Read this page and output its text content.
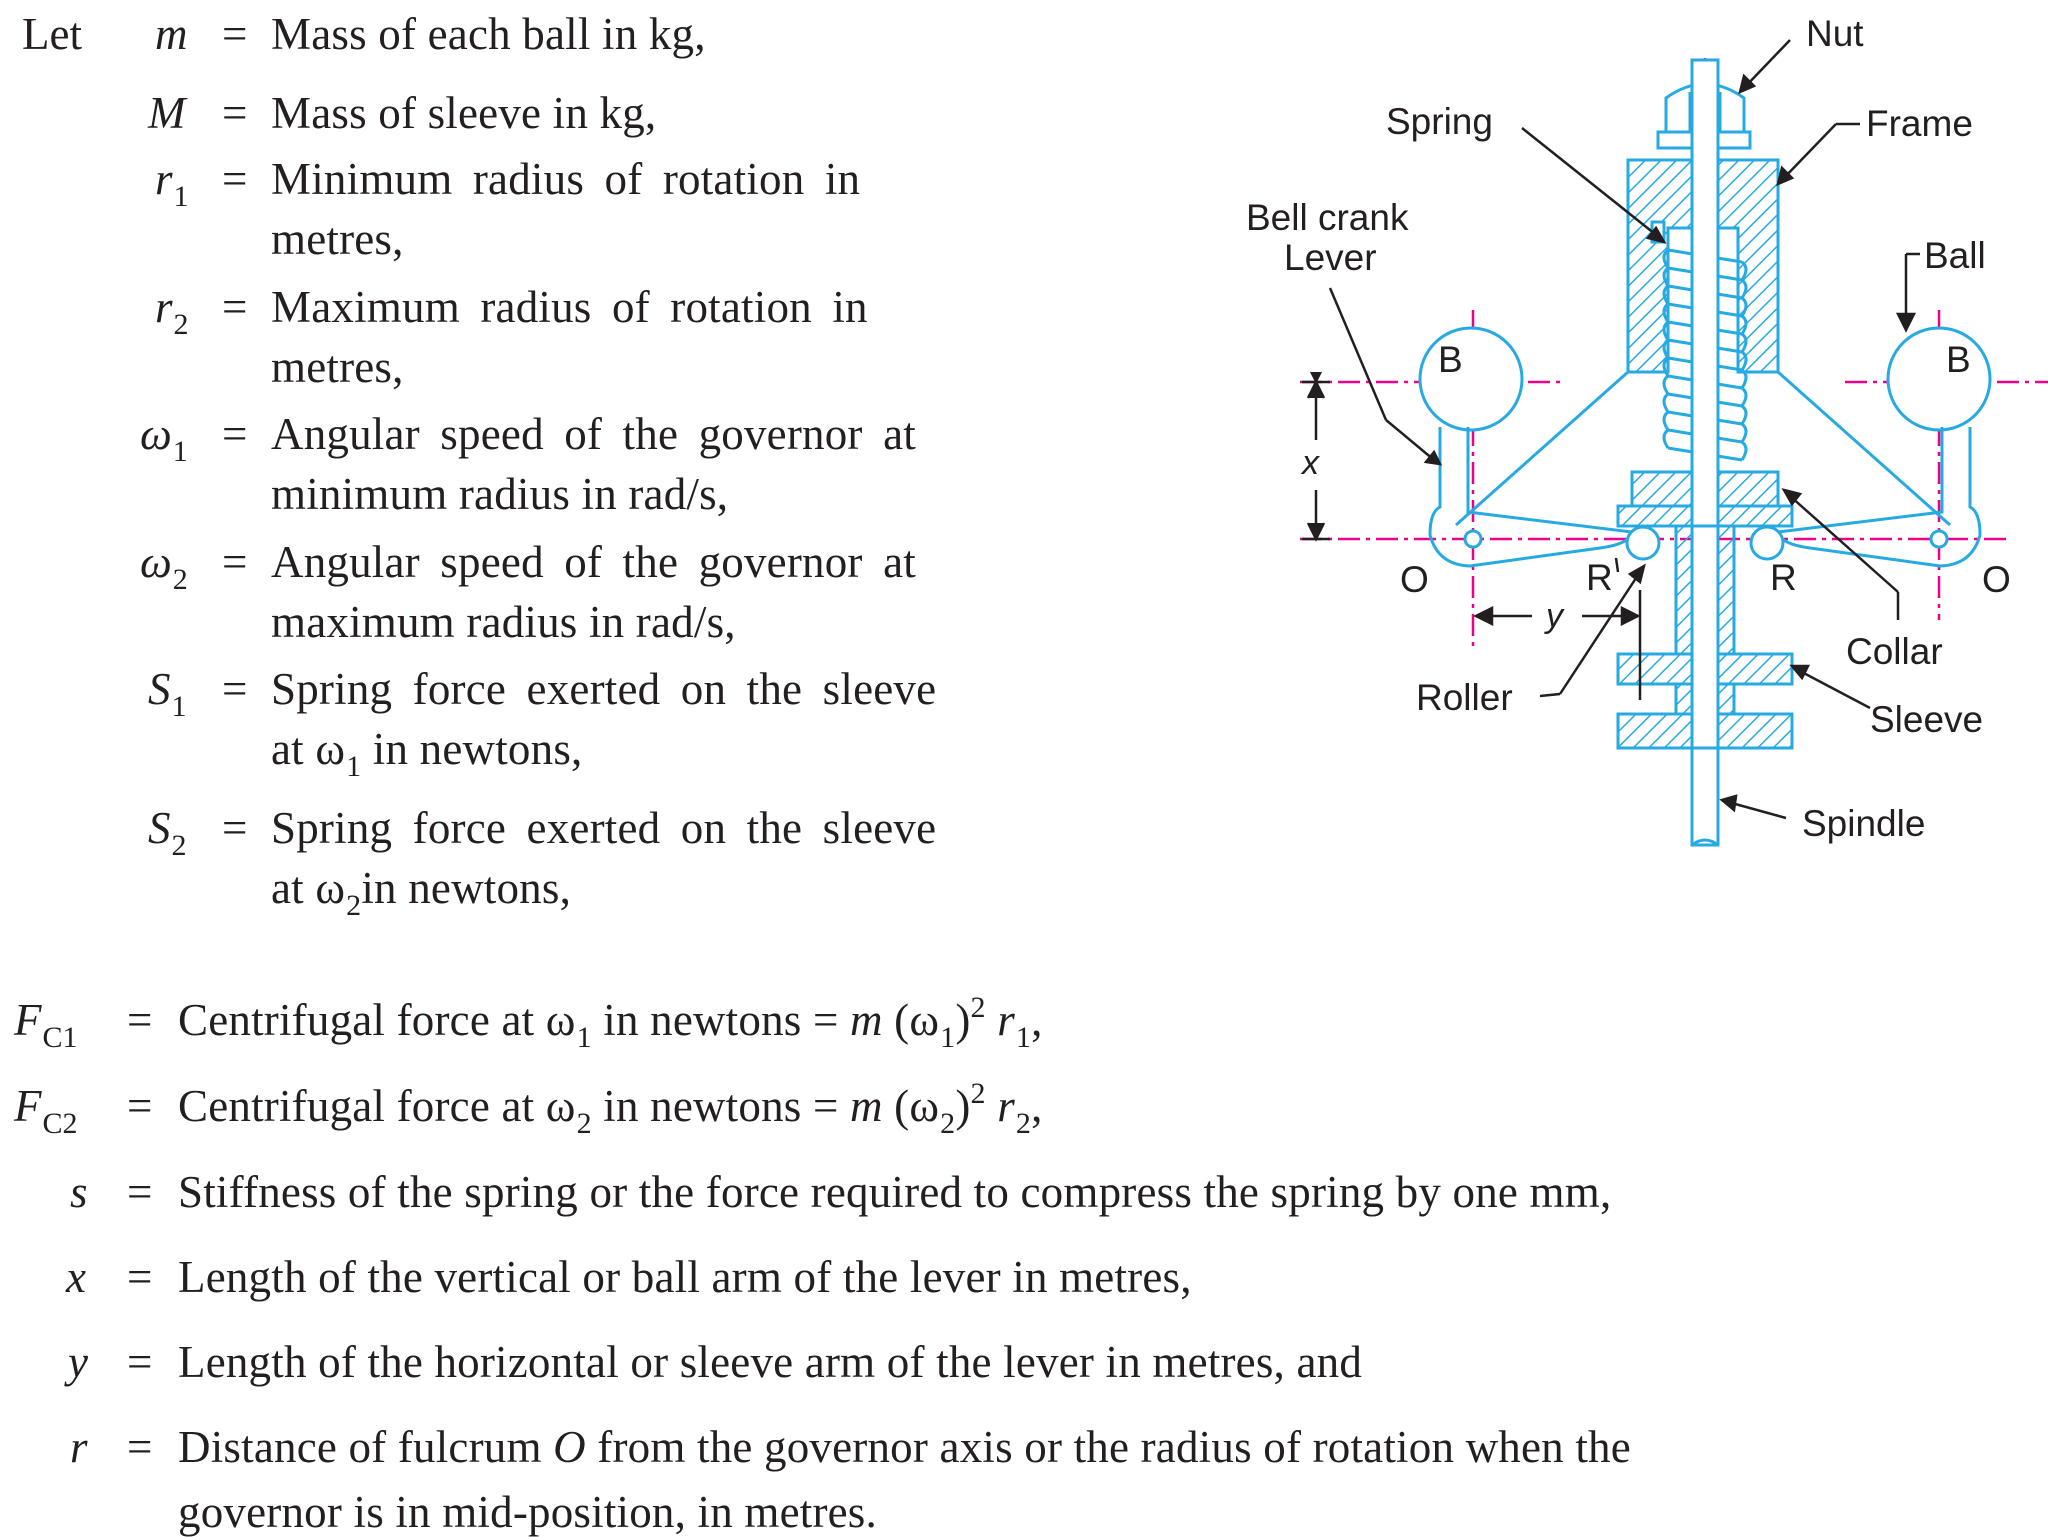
Let m = Mass of each ball in kg,
M = Mass of sleeve in kg,
$r_1$ = Minimum radius of rotation in
metres,
$r_2$ = Maximum radius of rotation in
metres,
$\omega_1$ = Angular speed of the governor at
minimum radius in rad/s,
$\omega_2$ = Angular speed of the governor at
maximum radius in rad/s,
$S_1$ = Spring force exerted on the sleeve
at $\omega_1$ in newtons,
$S_2$ = Spring force exerted on the sleeve
at $\omega_2in$ newtons,
$F_{C1}$ = Centrifugal force at $\omega_1$ in newtons = m $(\omega_1)^2$ $r_1$,
$F_{C2}$ = Centrifugal force at $\omega_2$ in newtons = m $(\omega_2)^2$ $r_2$,
s = Stiffness of the spring or the force required to compress the spring by one mm,
x = Length of the vertical or ball arm of the lever in metres,
y = Length of the horizontal or sleeve arm of the lever in metres, and
r = Distance of fulcrum O from the governor axis or the radius of rotation when the
governor is in mid-position, in metres.
Nut
Spring	Frame
Bell crank
Lever	Ball
B	B
x
O	O
R	R
y
Collar
Roller
Sleeve
Spindle
